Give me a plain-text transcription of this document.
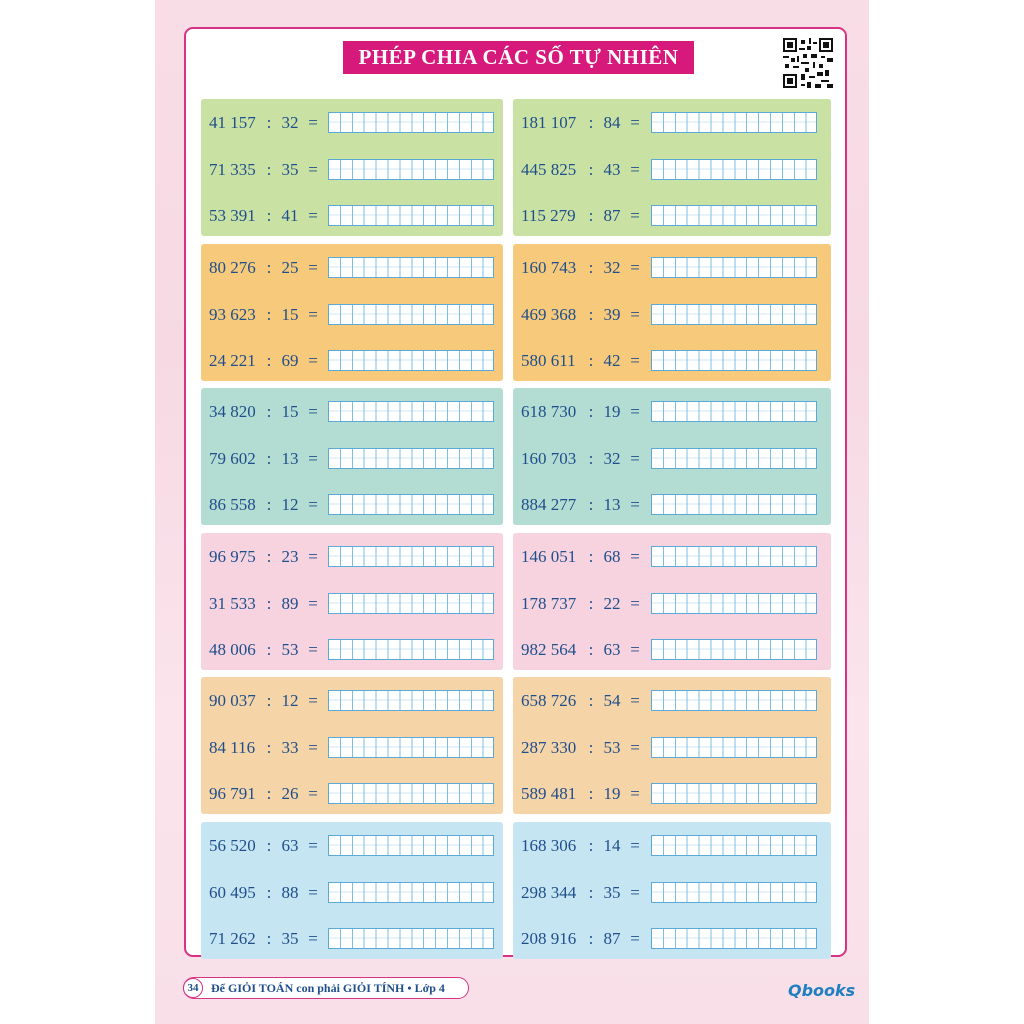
PHÉP CHIA CÁC SỐ TỰ NHIÊN
41 157 : 32 =
71 335 : 35 =
53 391 : 41 =
181 107 : 84 =
445 825 : 43 =
115 279 : 87 =
80 276 : 25 =
93 623 : 15 =
24 221 : 69 =
160 743 : 32 =
469 368 : 39 =
580 611 : 42 =
34 820 : 15 =
79 602 : 13 =
86 558 : 12 =
618 730 : 19 =
160 703 : 32 =
884 277 : 13 =
96 975 : 23 =
31 533 : 89 =
48 006 : 53 =
146 051 : 68 =
178 737 : 22 =
982 564 : 63 =
90 037 : 12 =
84 116 : 33 =
96 791 : 26 =
658 726 : 54 =
287 330 : 53 =
589 481 : 19 =
56 520 : 63 =
60 495 : 88 =
71 262 : 35 =
168 306 : 14 =
298 344 : 35 =
208 916 : 87 =
34	Để GIỎI TOÁN con phải GIỎI TÍNH • Lớp 4	Qbooks
